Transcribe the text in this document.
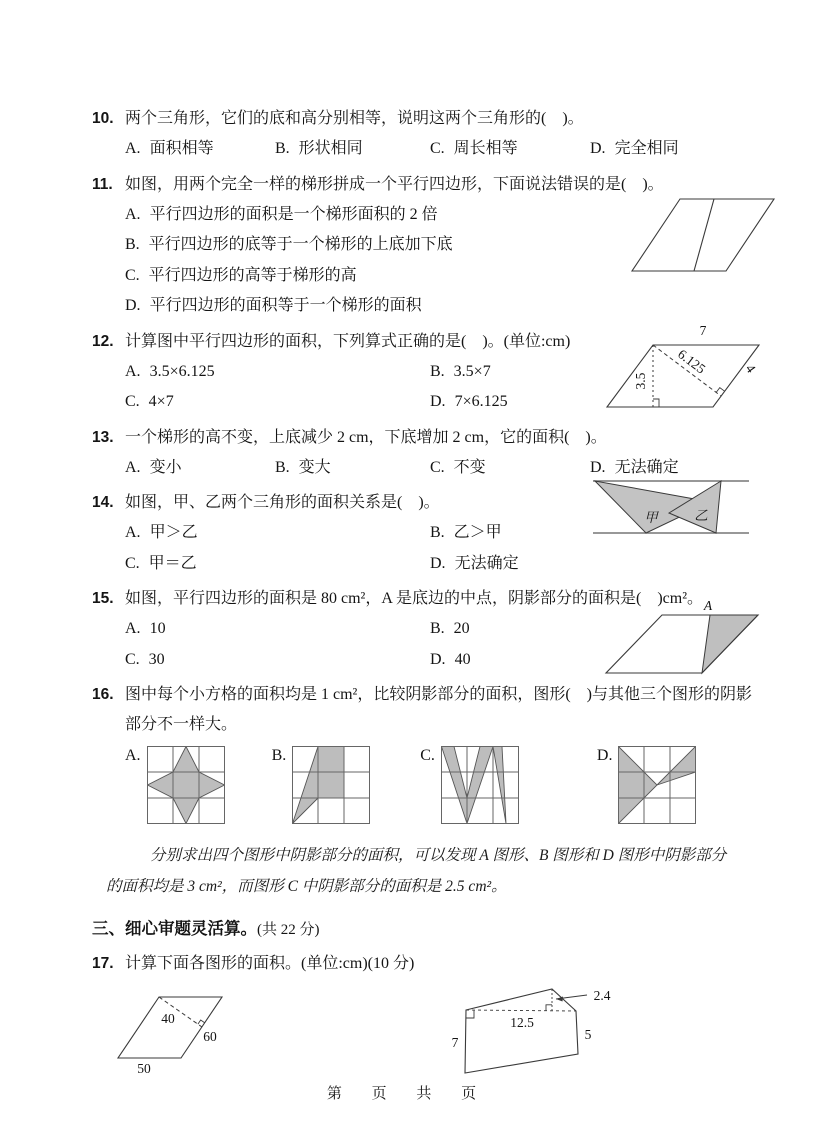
10. 两个三角形，它们的底和高分别相等，说明这两个三角形的(    )。
A. 面积相等	B. 形状相同	C. 周长相等	D. 完全相同
11. 如图，用两个完全一样的梯形拼成一个平行四边形，下面说法错误的是(    )。
A. 平行四边形的面积是一个梯形面积的 2 倍
B. 平行四边形的底等于一个梯形的上底加下底
C. 平行四边形的高等于梯形的高
D. 平行四边形的面积等于一个梯形的面积
12. 计算图中平行四边形的面积，下列算式正确的是(    )。(单位:cm)
A. 3.5×6.125	B. 3.5×7
C. 4×7	D. 7×6.125
7
3.5
6.125	4
13. 一个梯形的高不变，上底减少 2 cm，下底增加 2 cm，它的面积(    )。
A. 变小	B. 变大	C. 不变	D. 无法确定
14. 如图，甲、乙两个三角形的面积关系是(    )。
A. 甲＞乙	B. 乙＞甲
C. 甲＝乙	D. 无法确定
甲	乙
15. 如图，平行四边形的面积是 80 cm²，A 是底边的中点，阴影部分的面积是(    )cm²。
A. 10	B. 20
C. 30	D. 40
A
16. 图中每个小方格的面积均是 1 cm²，比较阴影部分的面积，图形(    )与其他三个图形的阴影部分不一样大。
A.	B.	C.	D.
分别求出四个图形中阴影部分的面积，可以发现 A 图形、B 图形和 D 图形中阴影部分的面积均是 3 cm²，而图形 C 中阴影部分的面积是 2.5 cm²。
三、细心审题灵活算。(共 22 分)
17. 计算下面各图形的面积。(单位:cm)(10 分)
40
60
50
2.4
12.5
7
5
第 页 共 页
